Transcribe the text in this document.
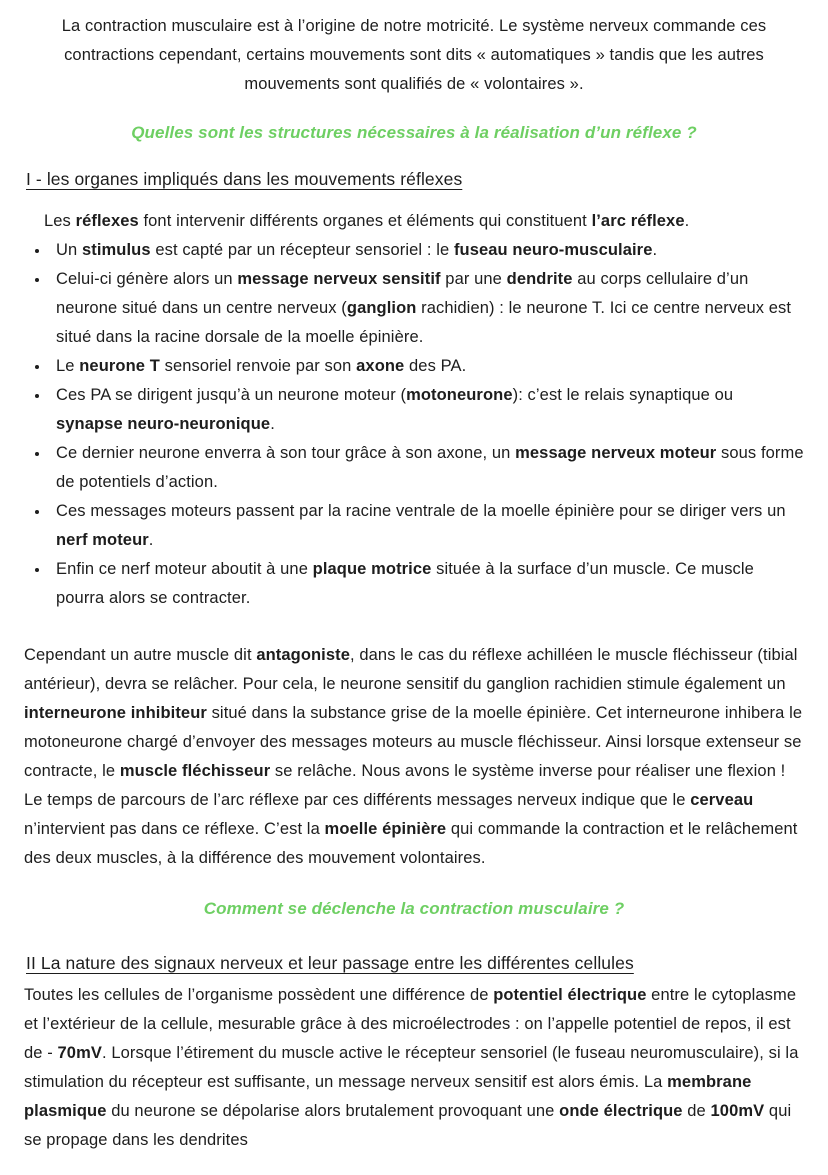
La contraction musculaire est à l’origine de notre motricité. Le système nerveux commande ces contractions cependant, certains mouvements sont dits « automatiques » tandis que les autres mouvements sont qualifiés de « volontaires ».

Quelles sont les structures nécessaires à la réalisation d’un réflexe ?
I - les organes impliqués dans les mouvements réflexes

Les réflexes font intervenir différents organes et éléments qui constituent l’arc réflexe.

• Un stimulus est capté par un récepteur sensoriel : le fuseau neuro-musculaire.
• Celui-ci génère alors un message nerveux sensitif par une dendrite au corps cellulaire d’un neurone situé dans un centre nerveux (ganglion rachidien) : le neurone T. Ici ce centre nerveux est situé dans la racine dorsale de la moelle épinière.
• Le neurone T sensoriel renvoie par son axone des PA.
• Ces PA se dirigent jusqu’à un neurone moteur (motoneurone): c’est le relais synaptique ou synapse neuro-neuronique.
• Ce dernier neurone enverra à son tour grâce à son axone, un message nerveux moteur sous forme de potentiels d’action.
• Ces messages moteurs passent par la racine ventrale de la moelle épinière pour se diriger vers un nerf moteur.
• Enfin ce nerf moteur aboutit à une plaque motrice située à la surface d’un muscle. Ce muscle pourra alors se contracter.

Cependant un autre muscle dit antagoniste, dans le cas du réflexe achilléen le muscle fléchisseur (tibial antérieur), devra se relâcher. Pour cela, le neurone sensitif du ganglion rachidien stimule également un interneurone inhibiteur situé dans la substance grise de la moelle épinière. Cet interneurone inhibera le motoneurone chargé d’envoyer des messages moteurs au muscle fléchisseur. Ainsi lorsque extenseur se contracte, le muscle fléchisseur se relâche. Nous avons le système inverse pour réaliser une flexion !

Le temps de parcours de l’arc réflexe par ces différents messages nerveux indique que le cerveau n’intervient pas dans ce réflexe. C’est la moelle épinière qui commande la contraction et le relâchement des deux muscles, à la différence des mouvement volontaires.

Comment se déclenche la contraction musculaire ?
II La nature des signaux nerveux et leur passage entre les différentes cellules

Toutes les cellules de l’organisme possèdent une différence de potentiel électrique entre le cytoplasme et l’extérieur de la cellule, mesurable grâce à des microélectrodes : on l’appelle potentiel de repos, il est de - 70mV. Lorsque l’étirement du muscle active le récepteur sensoriel (le fuseau neuromusculaire), si la stimulation du récepteur est suffisante, un message nerveux sensitif est alors émis. La membrane plasmique du neurone se dépolarise alors brutalement provoquant une onde électrique de 100mV qui se propage dans les dendrites
